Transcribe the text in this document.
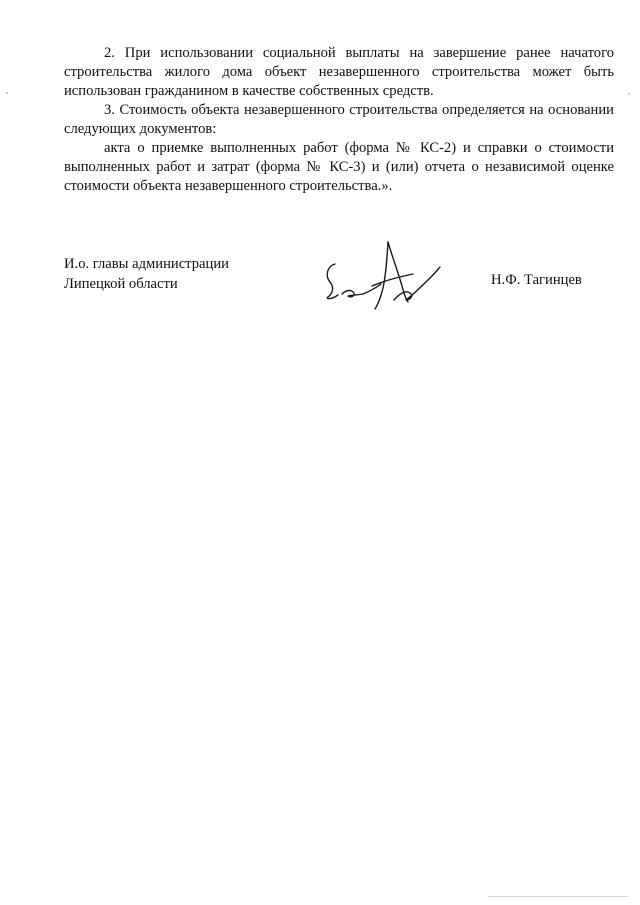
2. При использовании социальной выплаты на завершение ранее начатого строительства жилого дома объект незавершенного строительства может быть использован гражданином в качестве собственных средств.

3. Стоимость объекта незавершенного строительства определяется на основании следующих документов:

акта о приемке выполненных работ (форма № КС-2) и справки о стоимости выполненных работ и затрат (форма № КС-3) и (или) отчета о независимой оценке стоимости объекта незавершенного строительства.».

И.о. главы администрации
Липецкой области	Н.Ф. Тагинцев
